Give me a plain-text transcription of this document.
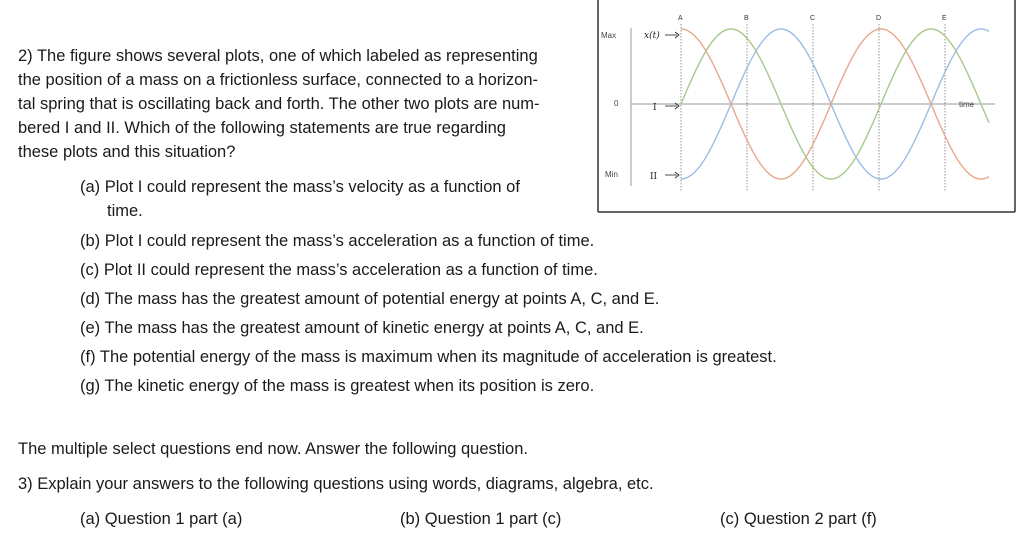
2) The figure shows several plots, one of which labeled as representing
the position of a mass on a frictionless surface, connected to a horizon-
tal spring that is oscillating back and forth. The other two plots are num-
bered I and II. Which of the following statements are true regarding
these plots and this situation?
(a) Plot I could represent the mass’s velocity as a function of
time.
(b) Plot I could represent the mass’s acceleration as a function of time.
(c) Plot II could represent the mass’s acceleration as a function of time.
(d) The mass has the greatest amount of potential energy at points A, C, and E.
(e) The mass has the greatest amount of kinetic energy at points A, C, and E.
(f) The potential energy of the mass is maximum when its magnitude of acceleration is greatest.
(g) The kinetic energy of the mass is greatest when its position is zero.
The multiple select questions end now. Answer the following question.
3) Explain your answers to the following questions using words, diagrams, algebra, etc.
(a) Question 1 part (a)	(b) Question 1 part (c)	(c) Question 2 part (f)
Max
0
Min
time
x(t)
I
II
A	B	C	D	E
